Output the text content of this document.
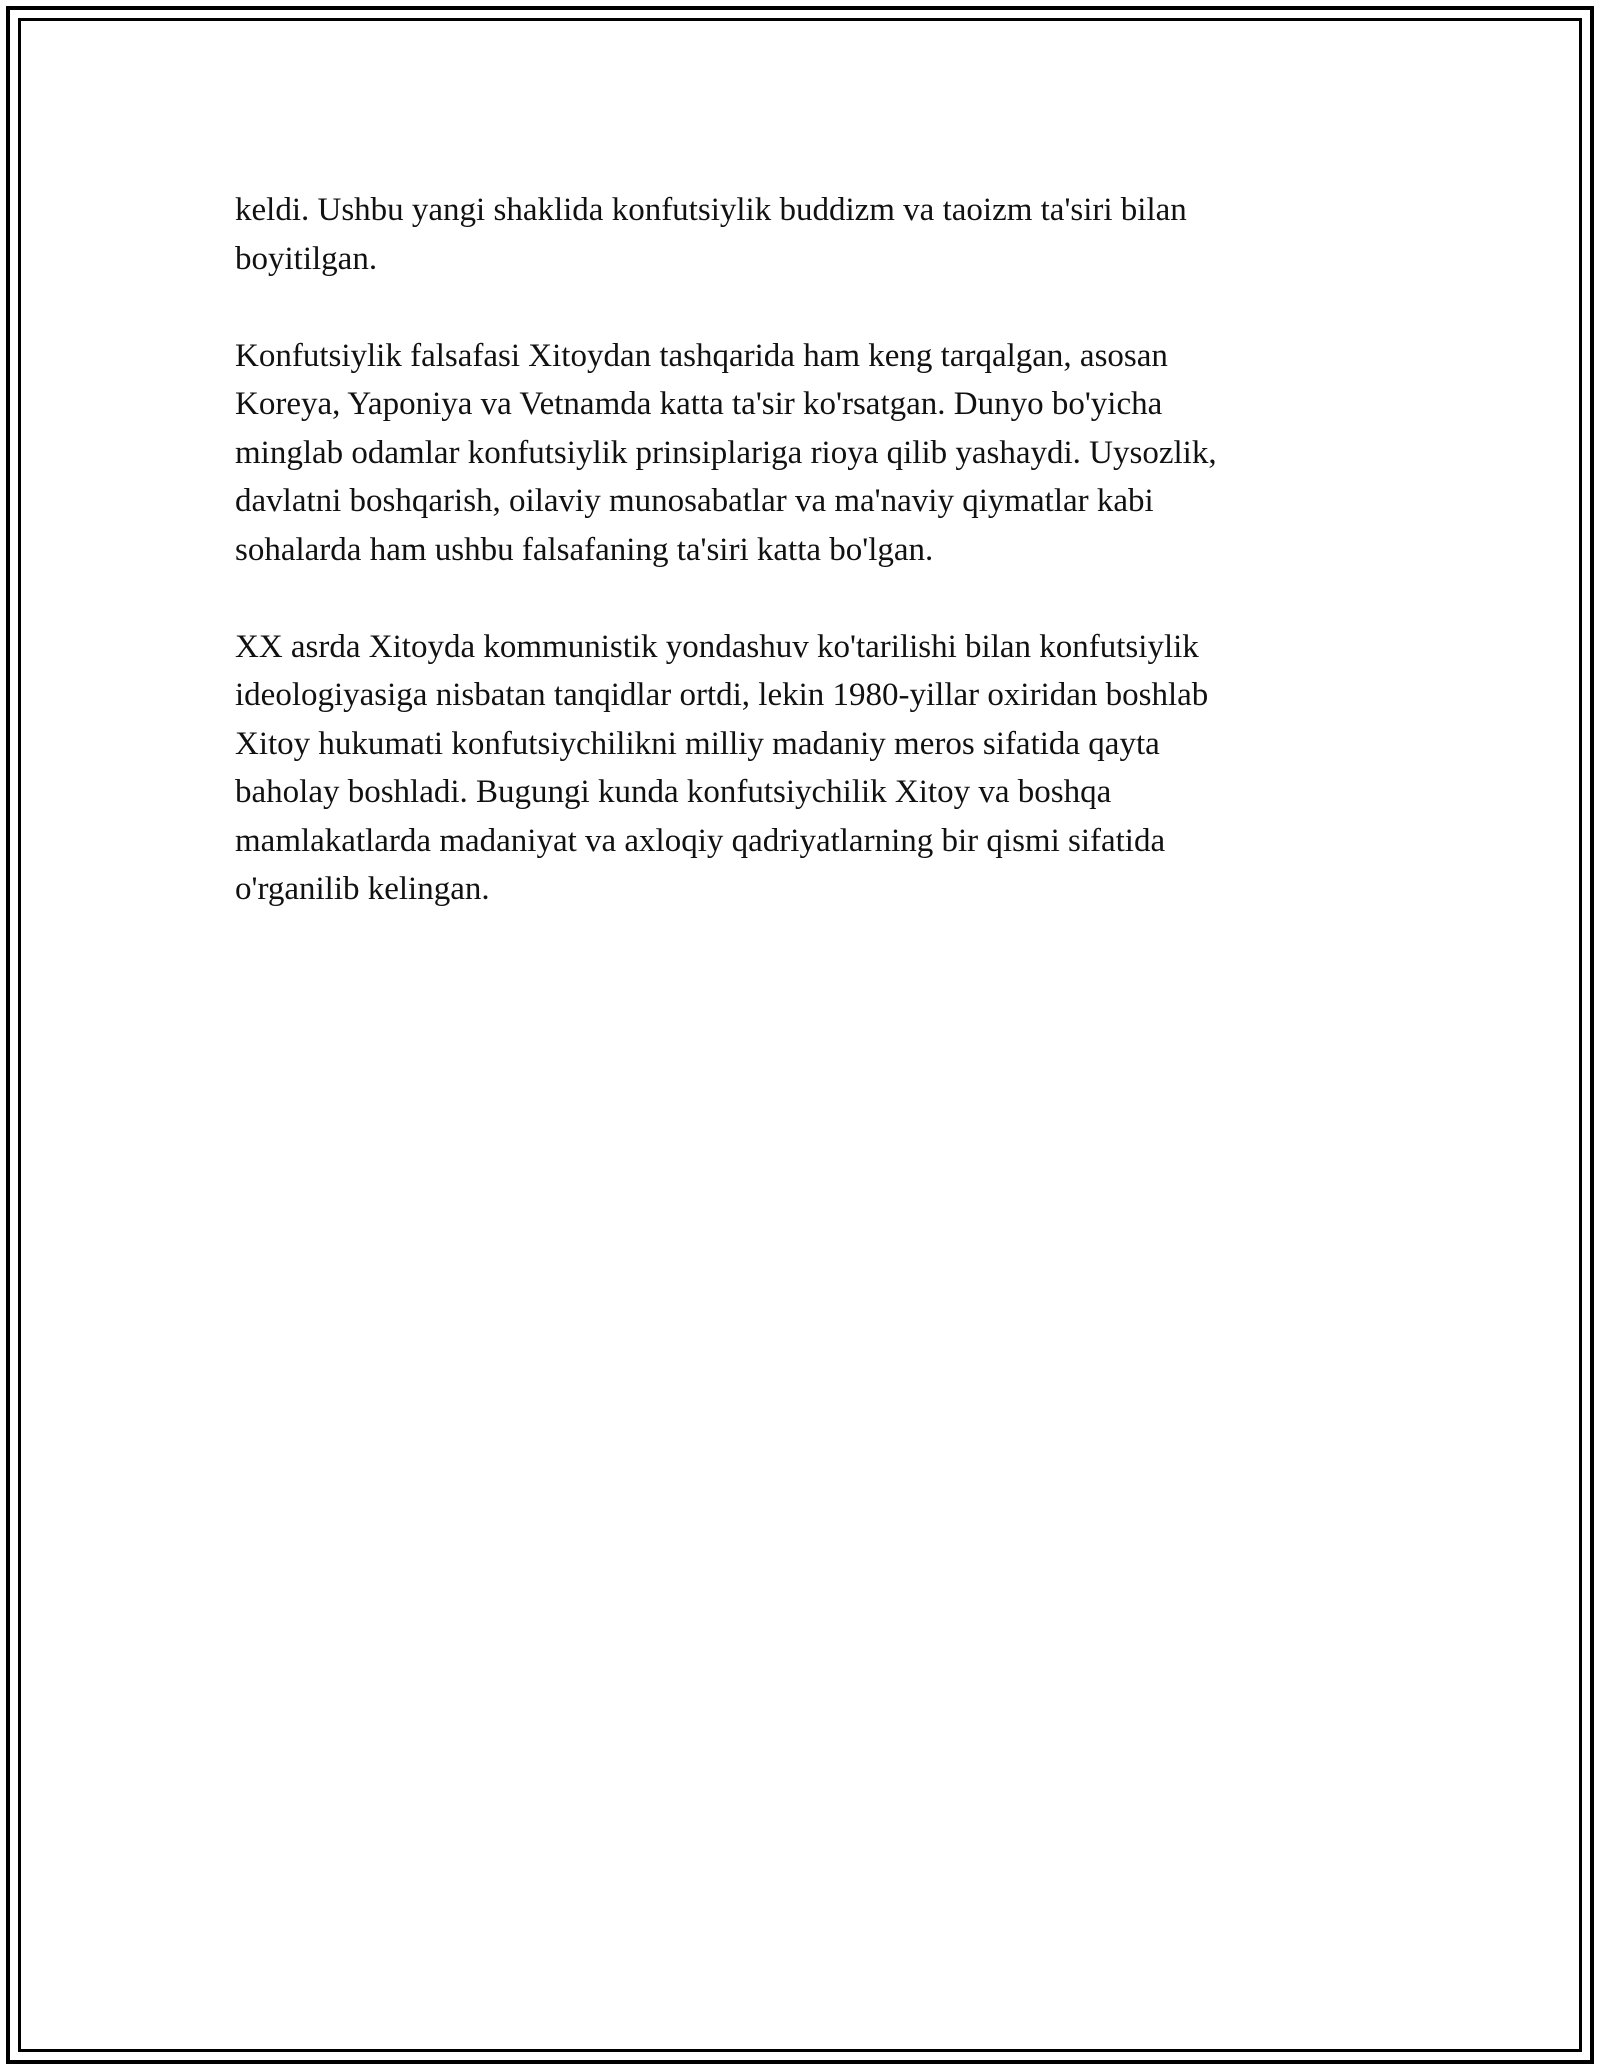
keldi. Ushbu yangi shaklida konfutsiylik buddizm va taoizm ta'siri bilan
boyitilgan.

Konfutsiylik falsafasi Xitoydan tashqarida ham keng tarqalgan, asosan
Koreya, Yaponiya va Vetnamda katta ta'sir ko'rsatgan. Dunyo bo'yicha
minglab odamlar konfutsiylik prinsiplariga rioya qilib yashaydi. Uysozlik,
davlatni boshqarish, oilaviy munosabatlar va ma'naviy qiymatlar kabi
sohalarda ham ushbu falsafaning ta'siri katta bo'lgan.

XX asrda Xitoyda kommunistik yondashuv ko'tarilishi bilan konfutsiylik
ideologiyasiga nisbatan tanqidlar ortdi, lekin 1980-yillar oxiridan boshlab
Xitoy hukumati konfutsiychilikni milliy madaniy meros sifatida qayta
baholay boshladi. Bugungi kunda konfutsiychilik Xitoy va boshqa
mamlakatlarda madaniyat va axloqiy qadriyatlarning bir qismi sifatida
o'rganilib kelingan.
